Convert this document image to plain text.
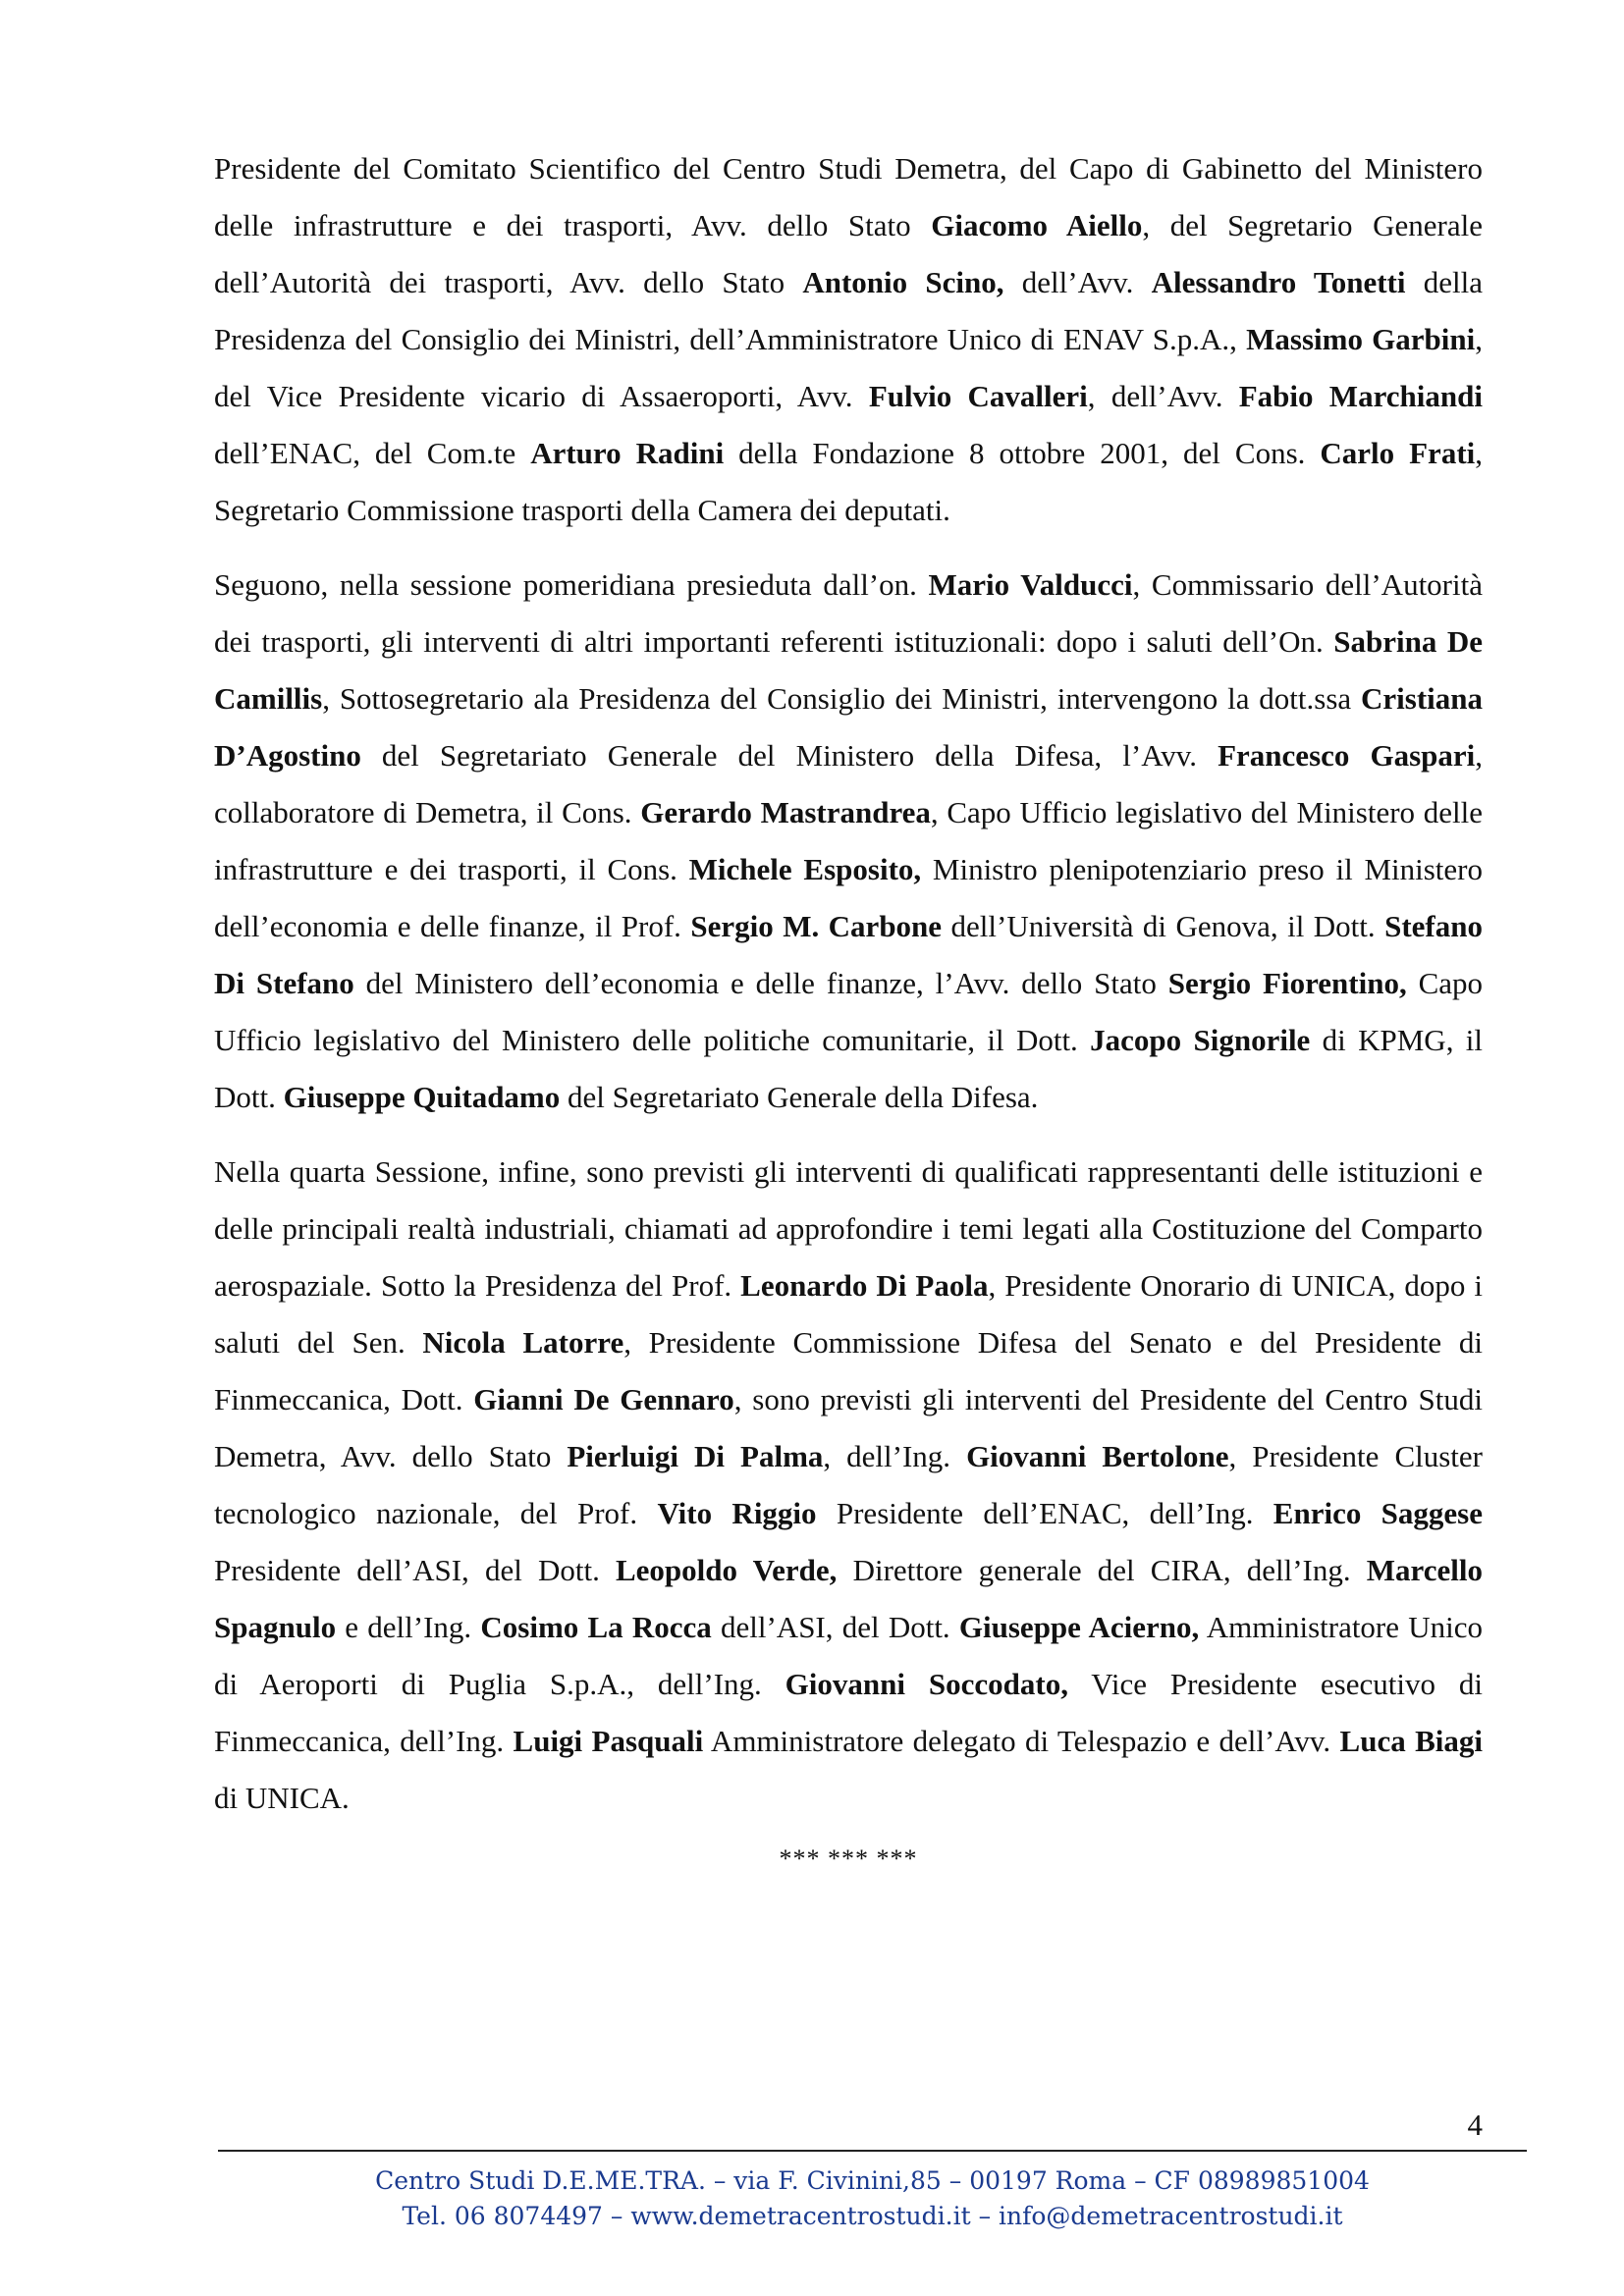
Presidente del Comitato Scientifico del Centro Studi Demetra, del Capo di Gabinetto del Ministero delle infrastrutture e dei trasporti, Avv. dello Stato Giacomo Aiello, del Segretario Generale dell’Autorità dei trasporti, Avv. dello Stato Antonio Scino, dell’Avv. Alessandro Tonetti della Presidenza del Consiglio dei Ministri, dell’Amministratore Unico di ENAV S.p.A., Massimo Garbini, del Vice Presidente vicario di Assaeroporti, Avv. Fulvio Cavalleri, dell’Avv. Fabio Marchiandi dell’ENAC, del Com.te Arturo Radini della Fondazione 8 ottobre 2001, del Cons. Carlo Frati, Segretario Commissione trasporti della Camera dei deputati.

Seguono, nella sessione pomeridiana presieduta dall’on. Mario Valducci, Commissario dell’Autorità dei trasporti, gli interventi di altri importanti referenti istituzionali: dopo i saluti dell’On. Sabrina De Camillis, Sottosegretario ala Presidenza del Consiglio dei Ministri, intervengono la dott.ssa Cristiana D’Agostino del Segretariato Generale del Ministero della Difesa, l’Avv. Francesco Gaspari, collaboratore di Demetra, il Cons. Gerardo Mastrandrea, Capo Ufficio legislativo del Ministero delle infrastrutture e dei trasporti, il Cons. Michele Esposito, Ministro plenipotenziario preso il Ministero dell’economia e delle finanze, il Prof. Sergio M. Carbone dell’Università di Genova, il Dott. Stefano Di Stefano del Ministero dell’economia e delle finanze, l’Avv. dello Stato Sergio Fiorentino, Capo Ufficio legislativo del Ministero delle politiche comunitarie, il Dott. Jacopo Signorile di KPMG, il Dott. Giuseppe Quitadamo del Segretariato Generale della Difesa.

Nella quarta Sessione, infine, sono previsti gli interventi di qualificati rappresentanti delle istituzioni e delle principali realtà industriali, chiamati ad approfondire i temi legati alla Costituzione del Comparto aerospaziale. Sotto la Presidenza del Prof. Leonardo Di Paola, Presidente Onorario di UNICA, dopo i saluti del Sen. Nicola Latorre, Presidente Commissione Difesa del Senato e del Presidente di Finmeccanica, Dott. Gianni De Gennaro, sono previsti gli interventi del Presidente del Centro Studi Demetra, Avv. dello Stato Pierluigi Di Palma, dell’Ing. Giovanni Bertolone, Presidente Cluster tecnologico nazionale, del Prof. Vito Riggio Presidente dell’ENAC, dell’Ing. Enrico Saggese Presidente dell’ASI, del Dott. Leopoldo Verde, Direttore generale del CIRA, dell’Ing. Marcello Spagnulo e dell’Ing. Cosimo La Rocca dell’ASI, del Dott. Giuseppe Acierno, Amministratore Unico di Aeroporti di Puglia S.p.A., dell’Ing. Giovanni Soccodato, Vice Presidente esecutivo di Finmeccanica, dell’Ing. Luigi Pasquali Amministratore delegato di Telespazio e dell’Avv. Luca Biagi di UNICA.

*** *** ***
4
Centro Studi D.E.ME.TRA. – via F. Civinini,85 – 00197 Roma – CF 08989851004
Tel. 06 8074497 – www.demetracentrostudi.it – info@demetracentrostudi.it
